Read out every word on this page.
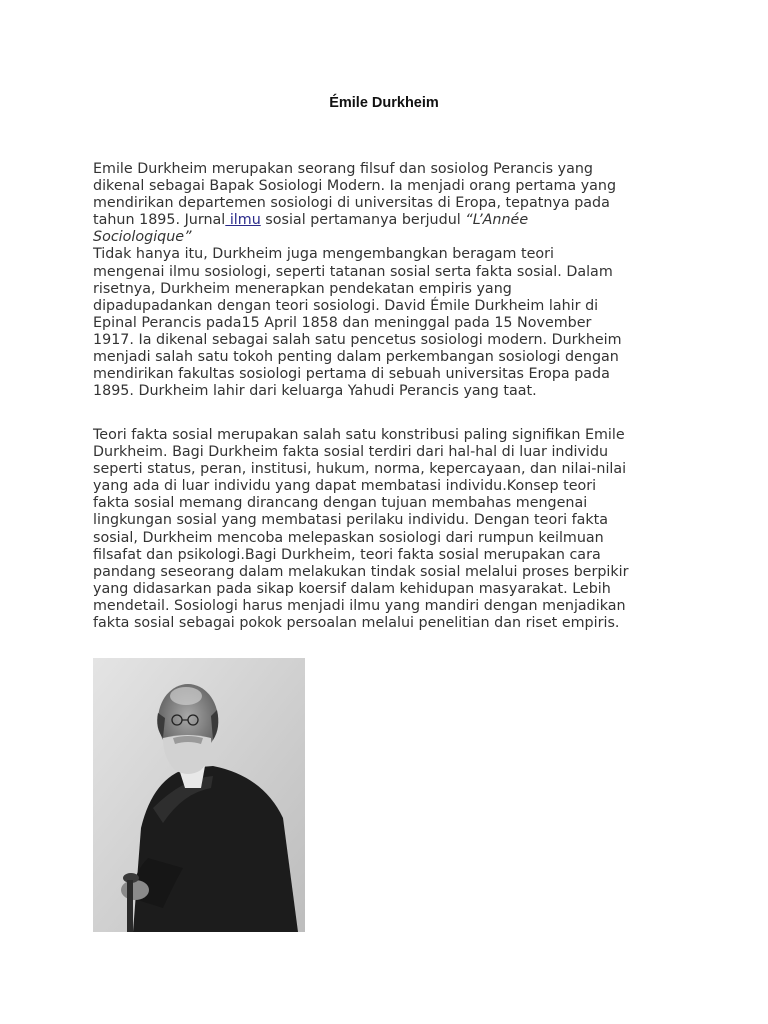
Émile Durkheim

Emile Durkheim merupakan seorang filsuf dan sosiolog Perancis yang
dikenal sebagai Bapak Sosiologi Modern. Ia menjadi orang pertama yang
mendirikan departemen sosiologi di universitas di Eropa, tepatnya pada
tahun 1895. Jurnal ilmu sosial pertamanya berjudul “L’Année
Sociologique”
Tidak hanya itu, Durkheim juga mengembangkan beragam teori
mengenai ilmu sosiologi, seperti tatanan sosial serta fakta sosial. Dalam
risetnya, Durkheim menerapkan pendekatan empiris yang
dipadupadankan dengan teori sosiologi. David Émile Durkheim lahir di
Epinal Perancis pada15 April 1858 dan meninggal pada 15 November
1917. Ia dikenal sebagai salah satu pencetus sosiologi modern. Durkheim
menjadi salah satu tokoh penting dalam perkembangan sosiologi dengan
mendirikan fakultas sosiologi pertama di sebuah universitas Eropa pada
1895. Durkheim lahir dari keluarga Yahudi Perancis yang taat.

Teori fakta sosial merupakan salah satu konstribusi paling signifikan Emile
Durkheim. Bagi Durkheim fakta sosial terdiri dari hal-hal di luar individu
seperti status, peran, institusi, hukum, norma, kepercayaan, dan nilai-nilai
yang ada di luar individu yang dapat membatasi individu.Konsep teori
fakta sosial memang dirancang dengan tujuan membahas mengenai
lingkungan sosial yang membatasi perilaku individu. Dengan teori fakta
sosial, Durkheim mencoba melepaskan sosiologi dari rumpun keilmuan
filsafat dan psikologi.Bagi Durkheim, teori fakta sosial merupakan cara
pandang seseorang dalam melakukan tindak sosial melalui proses berpikir
yang didasarkan pada sikap koersif dalam kehidupan masyarakat. Lebih
mendetail. Sosiologi harus menjadi ilmu yang mandiri dengan menjadikan
fakta sosial sebagai pokok persoalan melalui penelitian dan riset empiris.
